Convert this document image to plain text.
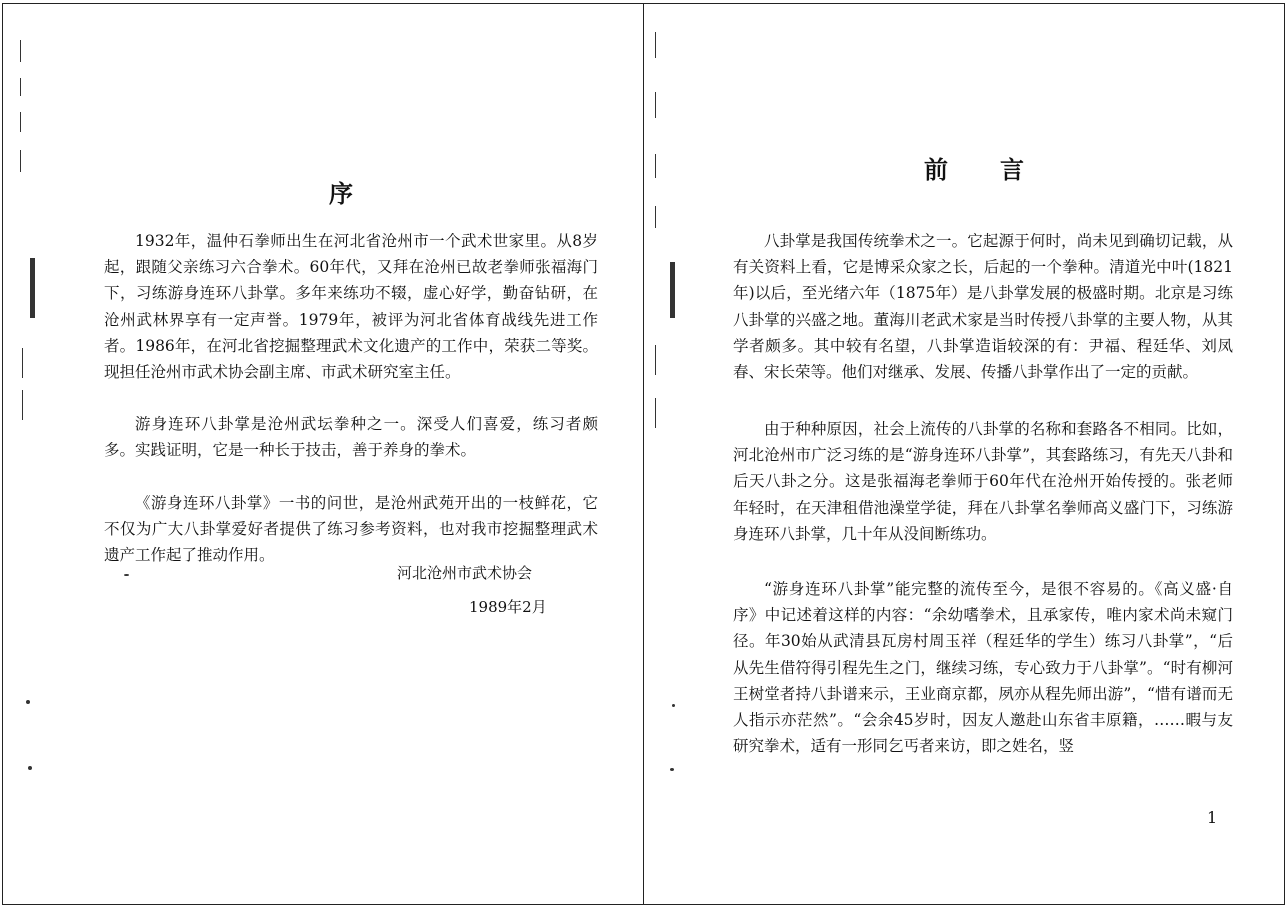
序

1932年，温仲石拳师出生在河北省沧州市一个武术世家里。从8岁起，跟随父亲练习六合拳术。60年代，又拜在沧州已故老拳师张福海门下，习练游身连环八卦掌。多年来练功不辍，虚心好学，勤奋钻研，在沧州武林界享有一定声誉。1979年，被评为河北省体育战线先进工作者。1986年，在河北省挖掘整理武术文化遗产的工作中，荣获二等奖。现担任沧州市武术协会副主席、市武术研究室主任。

游身连环八卦掌是沧州武坛拳种之一。深受人们喜爱，练习者颇多。实践证明，它是一种长于技击，善于养身的拳术。

《游身连环八卦掌》一书的问世，是沧州武苑开出的一枝鲜花，它不仅为广大八卦掌爱好者提供了练习参考资料，也对我市挖掘整理武术遗产工作起了推动作用。

河北沧州市武术协会
1989年2月
前言

八卦掌是我国传统拳术之一。它起源于何时，尚未见到确切记载，从有关资料上看，它是博采众家之长，后起的一个拳种。清道光中叶(1821年)以后，至光绪六年（1875年）是八卦掌发展的极盛时期。北京是习练八卦掌的兴盛之地。董海川老武术家是当时传授八卦掌的主要人物，从其学者颇多。其中较有名望，八卦掌造诣较深的有：尹福、程廷华、刘凤春、宋长荣等。他们对继承、发展、传播八卦掌作出了一定的贡献。

由于种种原因，社会上流传的八卦掌的名称和套路各不相同。比如，河北沧州市广泛习练的是“游身连环八卦掌”，其套路练习，有先天八卦和后天八卦之分。这是张福海老拳师于60年代在沧州开始传授的。张老师年轻时，在天津租借池澡堂学徒，拜在八卦掌名拳师高义盛门下，习练游身连环八卦掌，几十年从没间断练功。

“游身连环八卦掌”能完整的流传至今，是很不容易的。《高义盛·自序》中记述着这样的内容：“余幼嗜拳术，且承家传，唯内家术尚未窥门径。年30始从武清县瓦房村周玉祥（程廷华的学生）练习八卦掌”，“后从先生借符得引程先生之门，继续习练，专心致力于八卦掌”。“时有柳河王树堂者持八卦谱来示，王业商京都，夙亦从程先师出游”，“惜有谱而无人指示亦茫然”。“会余45岁时，因友人邀赴山东省丰原籍，……暇与友研究拳术，适有一形同乞丐者来访，即之姓名，竖

1
